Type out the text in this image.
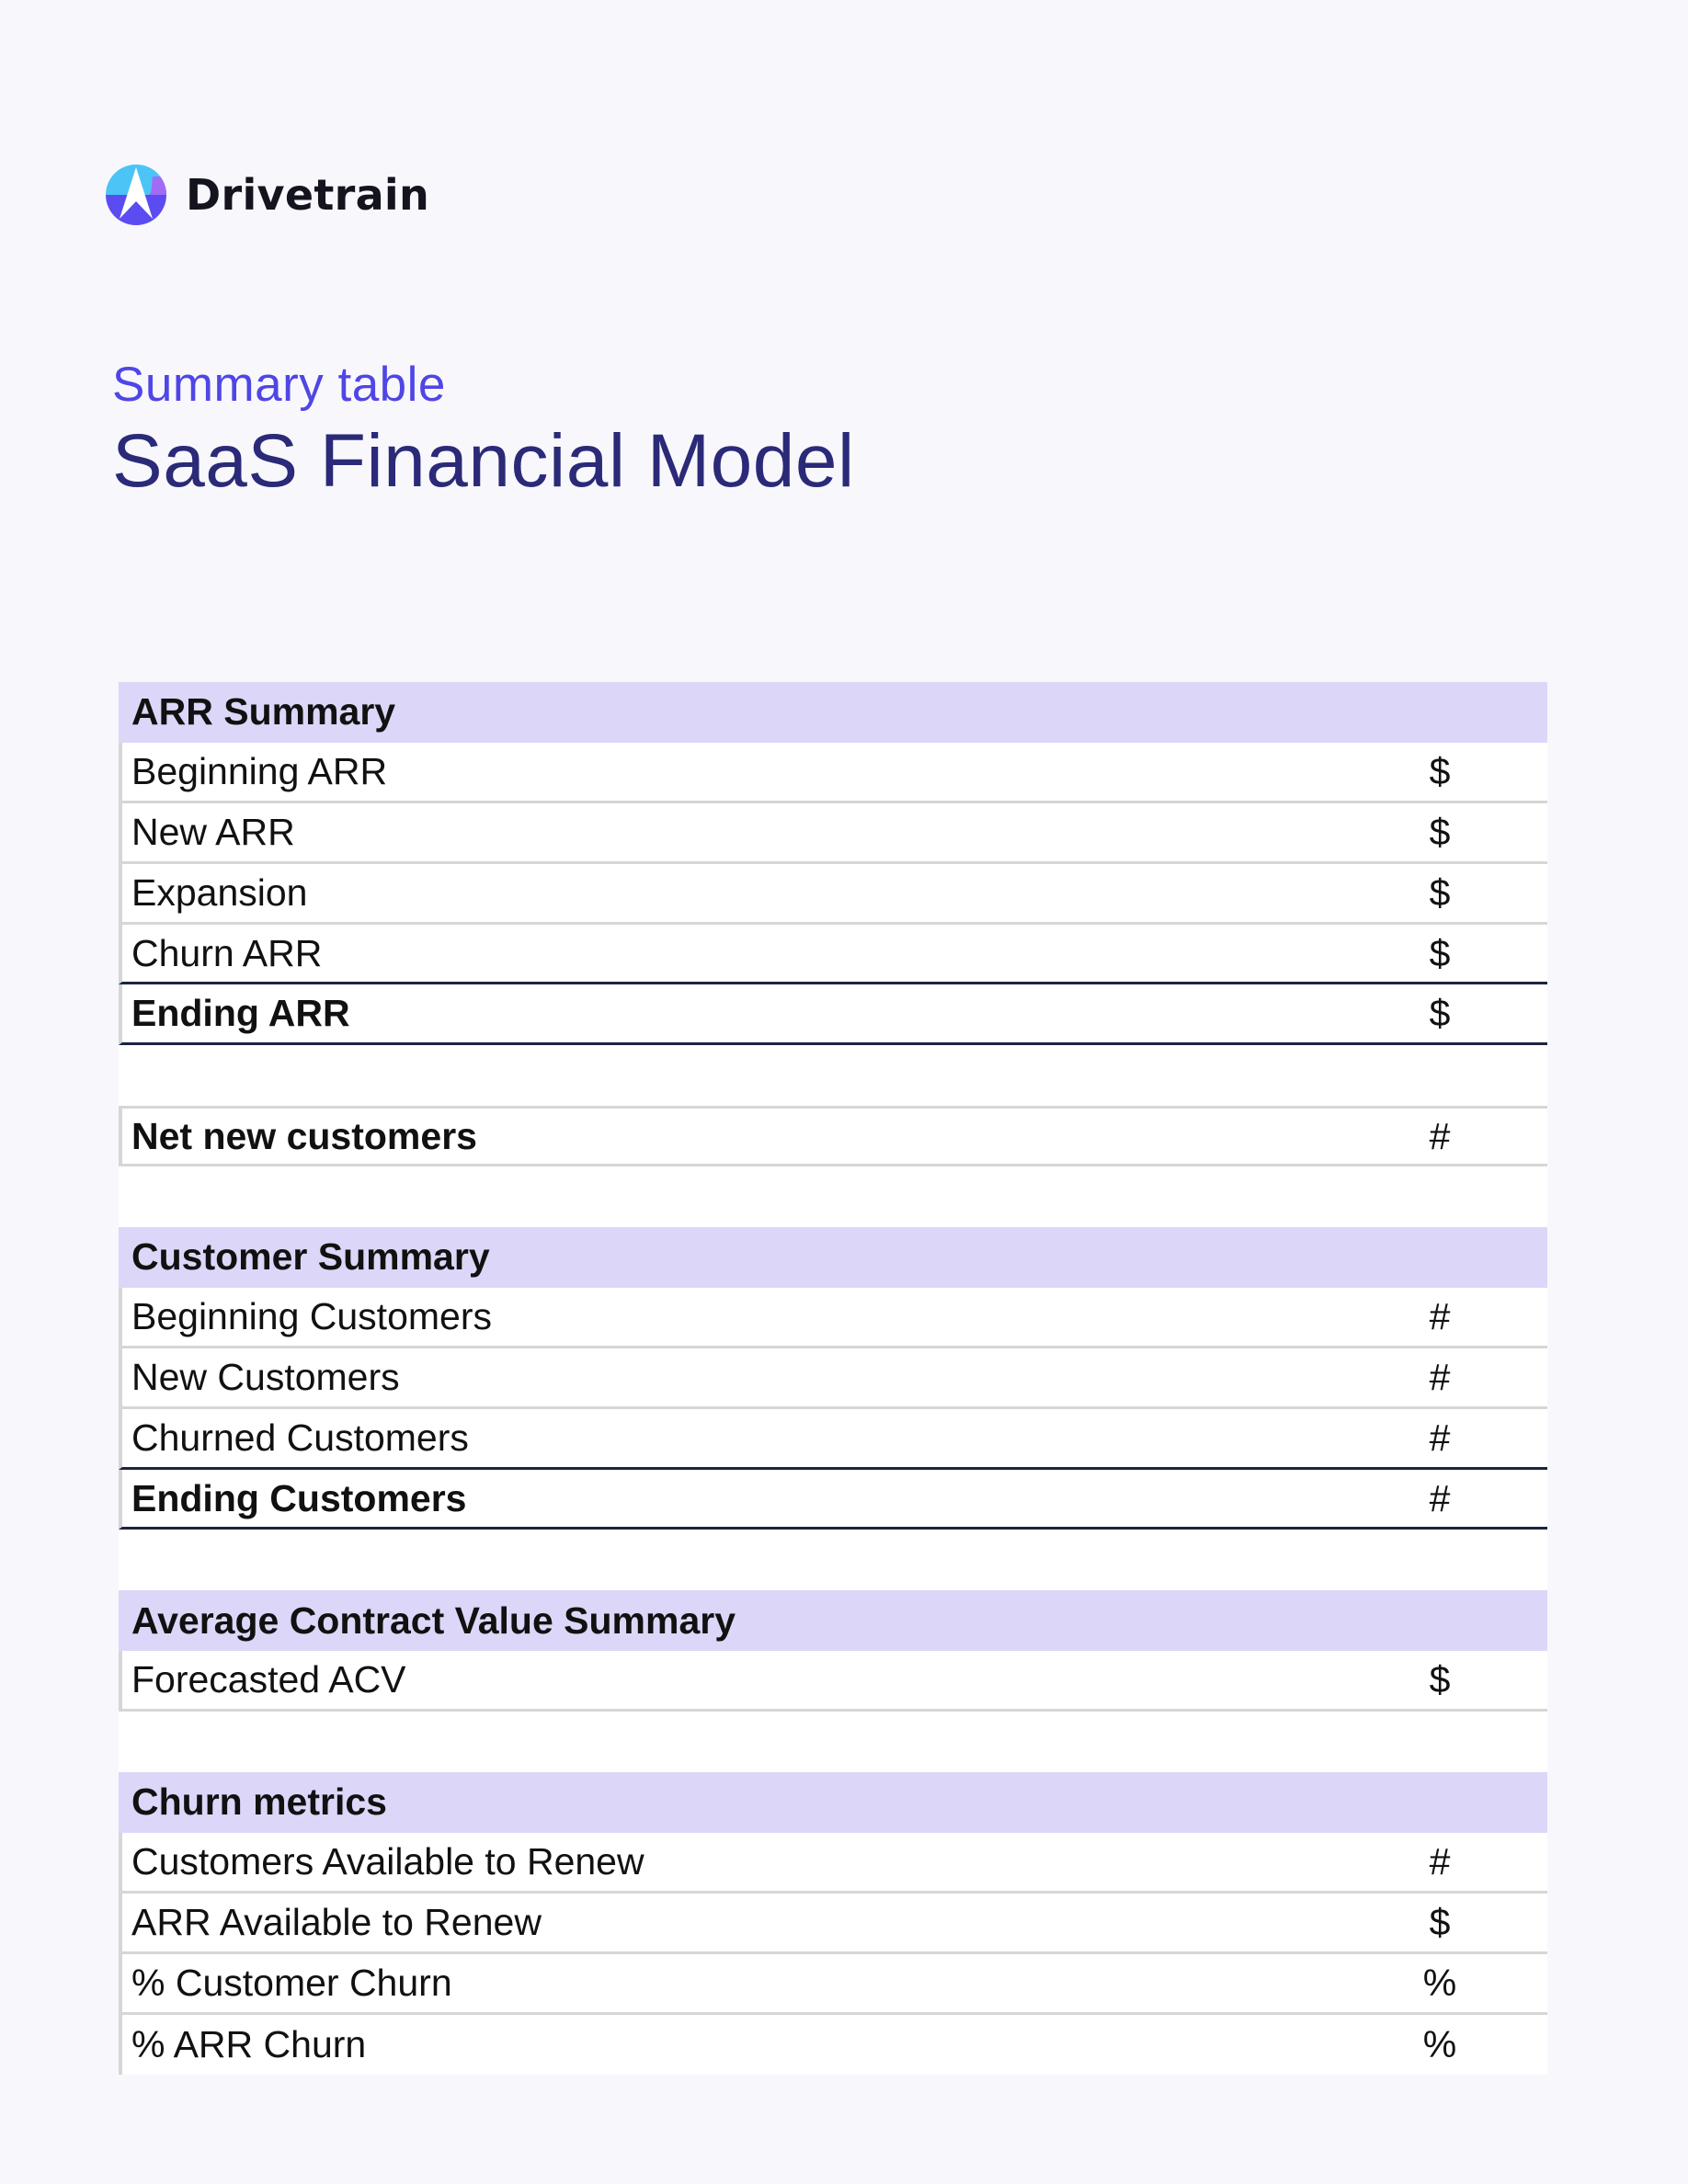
Drivetrain
Summary table
SaaS Financial Model
ARR Summary
Beginning ARR	$
New ARR	$
Expansion	$
Churn ARR	$
Ending ARR	$
Net new customers	#
Customer Summary
Beginning Customers	#
New Customers	#
Churned Customers	#
Ending Customers	#
Average Contract Value Summary
Forecasted ACV	$
Churn metrics
Customers Available to Renew	#
ARR Available to Renew	$
% Customer Churn	%
% ARR Churn	%
